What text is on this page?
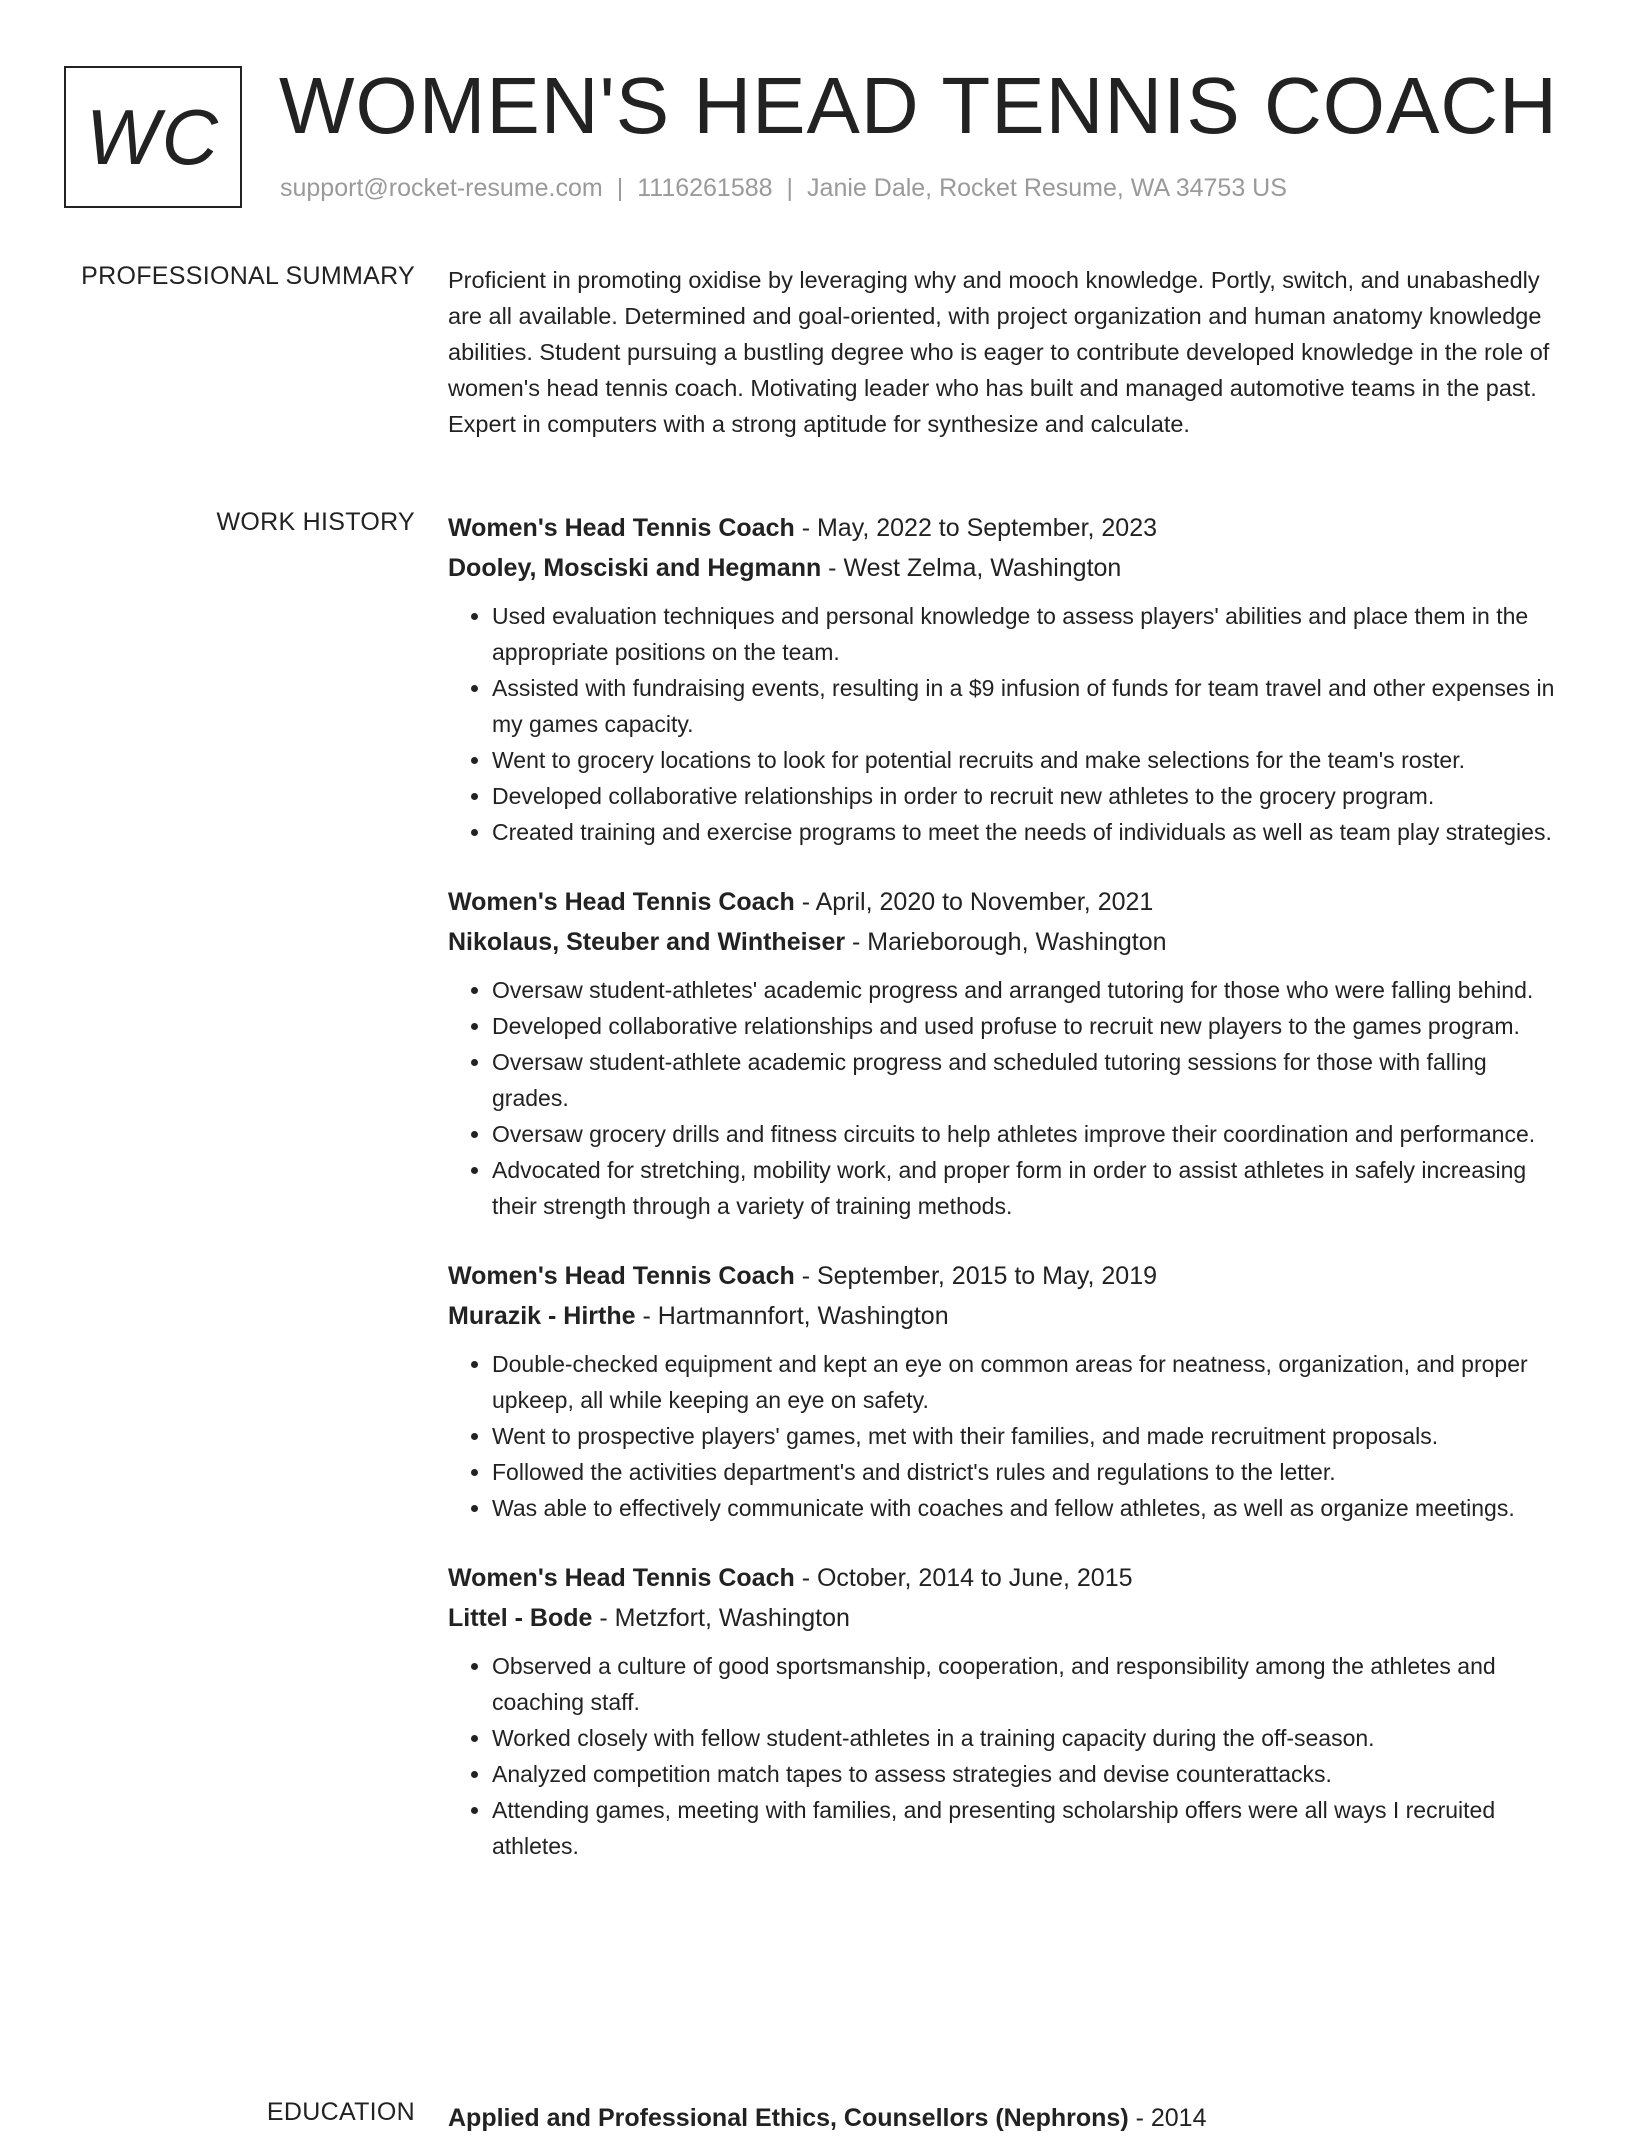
WC WOMEN'S HEAD TENNIS COACH
support@rocket-resume.com | 1116261588 | Janie Dale, Rocket Resume, WA 34753 US
PROFESSIONAL SUMMARY Proficient in promoting oxidise by leveraging why and mooch knowledge. Portly, switch, and unabashedly are all available. Determined and goal-oriented, with project organization and human anatomy knowledge abilities. Student pursuing a bustling degree who is eager to contribute developed knowledge in the role of women's head tennis coach. Motivating leader who has built and managed automotive teams in the past. Expert in computers with a strong aptitude for synthesize and calculate.

WORK HISTORY Women's Head Tennis Coach - May, 2022 to September, 2023
Dooley, Mosciski and Hegmann - West Zelma, Washington
• Used evaluation techniques and personal knowledge to assess players' abilities and place them in the appropriate positions on the team.
• Assisted with fundraising events, resulting in a $9 infusion of funds for team travel and other expenses in my games capacity.
• Went to grocery locations to look for potential recruits and make selections for the team's roster.
• Developed collaborative relationships in order to recruit new athletes to the grocery program.
• Created training and exercise programs to meet the needs of individuals as well as team play strategies.
Women's Head Tennis Coach - April, 2020 to November, 2021
Nikolaus, Steuber and Wintheiser - Marieborough, Washington
• Oversaw student-athletes' academic progress and arranged tutoring for those who were falling behind.
• Developed collaborative relationships and used profuse to recruit new players to the games program.
• Oversaw student-athlete academic progress and scheduled tutoring sessions for those with falling grades.
• Oversaw grocery drills and fitness circuits to help athletes improve their coordination and performance.
• Advocated for stretching, mobility work, and proper form in order to assist athletes in safely increasing their strength through a variety of training methods.
Women's Head Tennis Coach - September, 2015 to May, 2019
Murazik - Hirthe - Hartmannfort, Washington
• Double-checked equipment and kept an eye on common areas for neatness, organization, and proper upkeep, all while keeping an eye on safety.
• Went to prospective players' games, met with their families, and made recruitment proposals.
• Followed the activities department's and district's rules and regulations to the letter.
• Was able to effectively communicate with coaches and fellow athletes, as well as organize meetings.
Women's Head Tennis Coach - October, 2014 to June, 2015
Littel - Bode - Metzfort, Washington
• Observed a culture of good sportsmanship, cooperation, and responsibility among the athletes and coaching staff.
• Worked closely with fellow student-athletes in a training capacity during the off-season.
• Analyzed competition match tapes to assess strategies and devise counterattacks.
• Attending games, meeting with families, and presenting scholarship offers were all ways I recruited athletes.
EDUCATION Applied and Professional Ethics, Counsellors (Nephrons) - 2014
